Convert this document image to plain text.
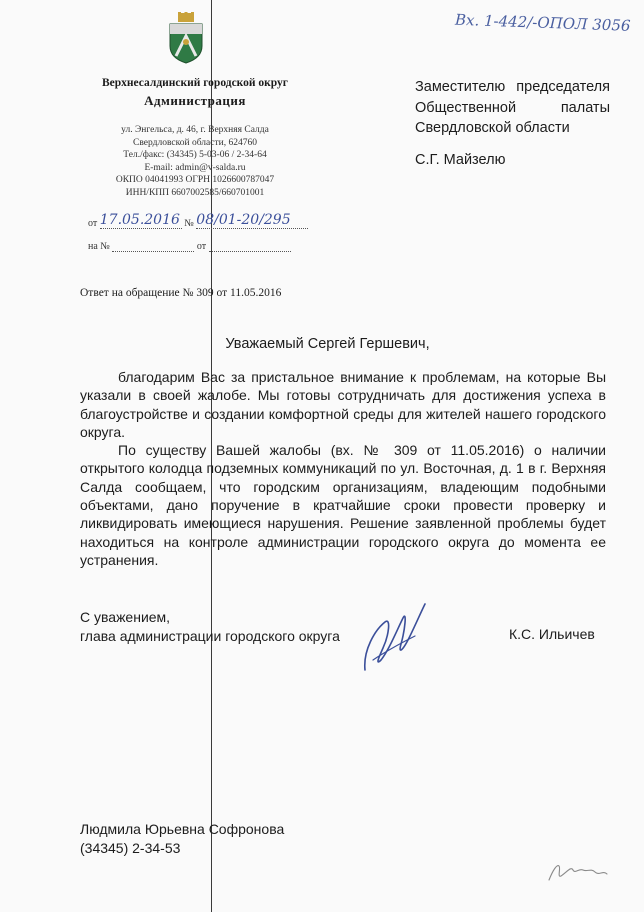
Вх. 1-442/-ОПОЛ 3056
Верхнесалдинский городской округ
Администрация
ул. Энгельса, д. 46, г. Верхняя Салда
Свердловской области, 624760
Тел./факс: (34345) 5-03-06 / 2-34-64
E-mail: admin@v-salda.ru
ОКПО 04041993 ОГРН 1026600787047
ИНН/КПП 6607002585/660701001
от 17.05.2016 № 08/01-20/295
на №	от
Заместителю председателя
Общественной	палаты
Свердловской области
С.Г. Майзелю
Ответ на обращение № 309 от 11.05.2016
Уважаемый Сергей Гершевич,

благодарим Вас за пристальное внимание к проблемам, на которые Вы указали в своей жалобе. Мы готовы сотрудничать для достижения успеха в благоустройстве и создании комфортной среды для жителей нашего городского округа.

По существу Вашей жалобы (вх. № 309 от 11.05.2016) о наличии открытого колодца подземных коммуникаций по ул. Восточная, д. 1 в г. Верхняя Салда сообщаем, что городским организациям, владеющим подобными объектами, дано поручение в кратчайшие сроки провести проверку и ликвидировать имеющиеся нарушения. Решение заявленной проблемы будет находиться на контроле администрации городского округа до момента ее устранения.

С уважением,
глава администрации городского округа	К.С. Ильичев
Людмила Юрьевна Софронова
(34345) 2-34-53
